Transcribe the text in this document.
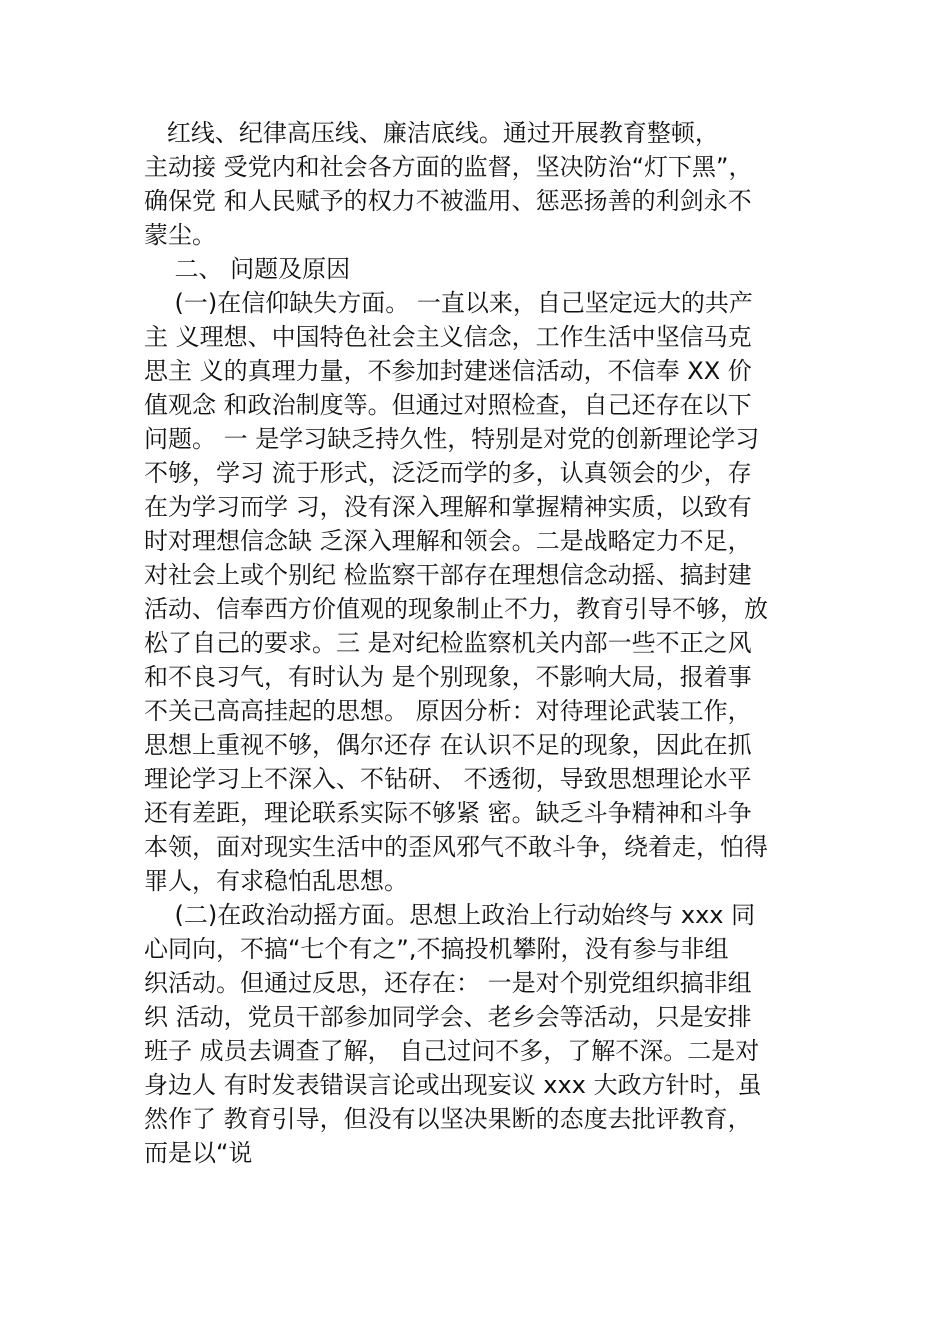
红线、纪律高压线、廉洁底线。通过开展教育整顿，
主动接 受党内和社会各方面的监督，坚决防治“灯下黑”，
确保党 和人民赋予的权力不被滥用、惩恶扬善的利剑永不
蒙尘。
二、 问题及原因
(一)在信仰缺失方面。 一直以来，自己坚定远大的共产
主 义理想、中国特色社会主义信念，工作生活中坚信马克
思主 义的真理力量，不参加封建迷信活动，不信奉 XX 价
值观念 和政治制度等。但通过对照检查，自己还存在以下
问题。 一 是学习缺乏持久性，特别是对党的创新理论学习
不够，学习 流于形式，泛泛而学的多，认真领会的少，存
在为学习而学 习，没有深入理解和掌握精神实质，以致有
时对理想信念缺 乏深入理解和领会。二是战略定力不足，
对社会上或个别纪 检监察干部存在理想信念动摇、搞封建
活动、信奉西方价值观的现象制止不力，教育引导不够，放
松了自己的要求。三 是对纪检监察机关内部一些不正之风
和不良习气，有时认为 是个别现象，不影响大局，报着事
不关己高高挂起的思想。 原因分析：对待理论武装工作，
思想上重视不够，偶尔还存 在认识不足的现象，因此在抓
理论学习上不深入、不钻研、 不透彻，导致思想理论水平
还有差距，理论联系实际不够紧 密。缺乏斗争精神和斗争
本领，面对现实生活中的歪风邪气不敢斗争，绕着走，怕得
罪人，有求稳怕乱思想。
(二)在政治动摇方面。思想上政治上行动始终与 xxx 同
心同向，不搞“七个有之”,不搞投机攀附，没有参与非组
织活动。但通过反思，还存在： 一是对个别党组织搞非组
织 活动，党员干部参加同学会、老乡会等活动，只是安排
班子 成员去调查了解， 自己过问不多，了解不深。二是对
身边人 有时发表错误言论或出现妄议 xxx 大政方针时，虽
然作了 教育引导，但没有以坚决果断的态度去批评教育，
而是以“说
